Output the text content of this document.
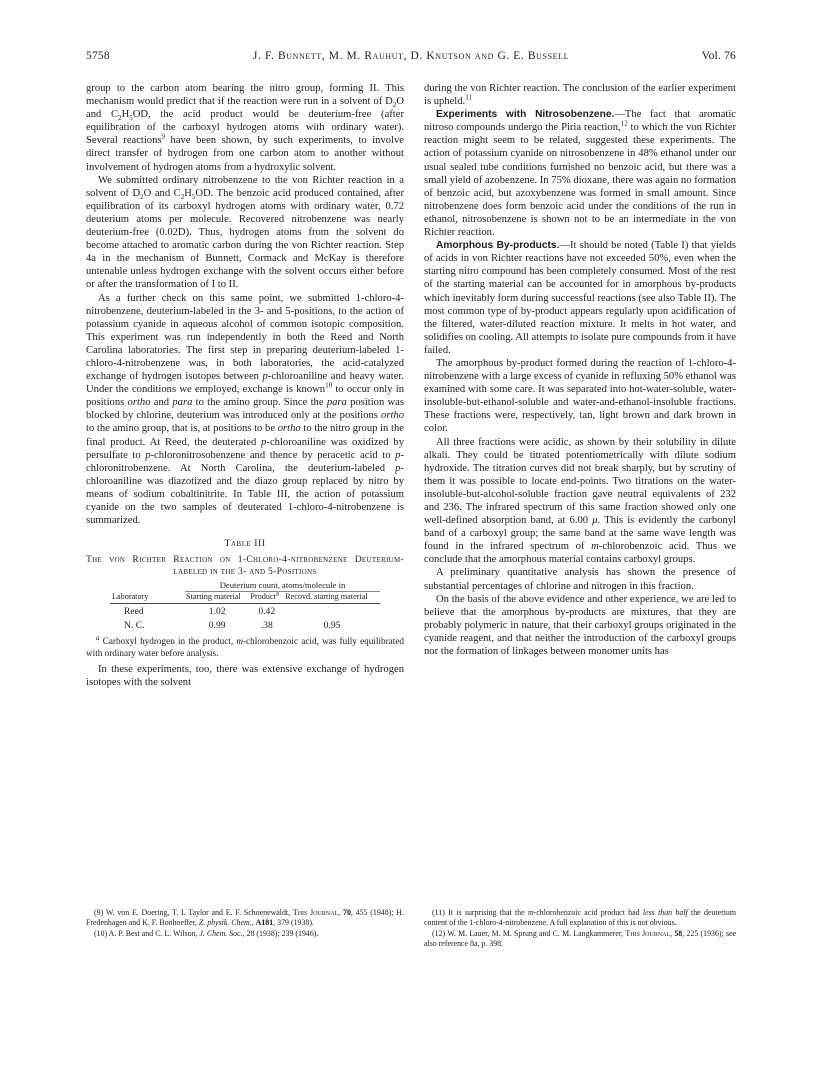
5758	J. F. Bunnett, M. M. Rauhut, D. Knutson and G. E. Bussell	Vol. 76

group to the carbon atom bearing the nitro group, forming II. This mechanism would predict that if the reaction were run in a solvent of $D_2O$ and $C_2H_5OD$, the acid product would be deuterium-free (after equilibration of the carboxyl hydrogen atoms with ordinary water). Several reactions$^9$ have been shown, by such experiments, to involve direct transfer of hydrogen from one carbon atom to another without involvement of hydrogen atoms from a hydroxylic solvent.

We submitted ordinary nitrobenzene to the von Richter reaction in a solvent of $D_2O$ and $C_2H_5OD$. The benzoic acid produced contained, after equilibration of its carboxyl hydrogen atoms with ordinary water, 0.72 deuterium atoms per molecule. Recovered nitrobenzene was nearly deuterium-free (0.02D). Thus, hydrogen atoms from the solvent do become attached to aromatic carbon during the von Richter reaction. Step 4a in the mechanism of Bunnett, Cormack and McKay is therefore untenable unless hydrogen exchange with the solvent occurs either before or after the transformation of I to II.

As a further check on this same point, we submitted 1-chloro-4-nitrobenzene, deuterium-labeled in the 3- and 5-positions, to the action of potassium cyanide in aqueous alcohol of common isotopic composition. This experiment was run independently in both the Reed and North Carolina laboratories. The first step in preparing deuterium-labeled 1-chloro-4-nitrobenzene was, in both laboratories, the acid-catalyzed exchange of hydrogen isotopes between p-chloroaniline and heavy water. Under the conditions we employed, exchange is known$^{10}$ to occur only in positions ortho and para to the amino group. Since the para position was blocked by chlorine, deuterium was introduced only at the positions ortho to the amino group, that is, at positions to be ortho to the nitro group in the final product. At Reed, the deuterated p-chloroaniline was oxidized by persulfate to p-chloronitrosobenzene and thence by peracetic acid to p-chloronitrobenzene. At North Carolina, the deuterium-labeled p-chloroaniline was diazotized and the diazo group replaced by nitro by means of sodium cobaltinitrite. In Table III, the action of potassium cyanide on the two samples of deuterated 1-chloro-4-nitrobenzene is summarized.

Table III
The von Richter Reaction on 1-Chloro-4-nitrobenzene Deuterium-labeled in the 3- and 5-Positions
	Deuterium count, atoms/molecule in		
Laboratory	Starting material	Product$^a$	Recovd. starting material
Reed	1.02	0.42	
N. C.	0.99	.38	0.95
$^a$ Carboxyl hydrogen in the product, m-chlorobenzoic acid, was fully equilibrated with ordinary water before analysis.

In these experiments, too, there was extensive exchange of hydrogen isotopes with the solvent

during the von Richter reaction. The conclusion of the earlier experiment is upheld.$^{11}$

Experiments with Nitrosobenzene.—The fact that aromatic nitroso compounds undergo the Piria reaction,$^{12}$ to which the von Richter reaction might seem to be related, suggested these experiments. The action of potassium cyanide on nitrosobenzene in 48% ethanol under our usual sealed tube conditions furnished no benzoic acid, but there was a small yield of azobenzene. In 75% dioxane, there was again no formation of benzoic acid, but azoxybenzene was formed in small amount. Since nitrobenzene does form benzoic acid under the conditions of the run in ethanol, nitrosobenzene is shown not to be an intermediate in the von Richter reaction.

Amorphous By-products.—It should be noted (Table I) that yields of acids in von Richter reactions have not exceeded 50%, even when the starting nitro compound has been completely consumed. Most of the rest of the starting material can be accounted for in amorphous by-products which inevitably form during successful reactions (see also Table II). The most common type of by-product appears regularly upon acidification of the filtered, water-diluted reaction mixture. It melts in hot water, and solidifies on cooling. All attempts to isolate pure compounds from it have failed.

The amorphous by-product formed during the reaction of 1-chloro-4-nitrobenzene with a large excess of cyanide in refluxing 50% ethanol was examined with some care. It was separated into hot-water-soluble, water-insoluble-but-ethanol-soluble and water-and-ethanol-insoluble fractions. These fractions were, respectively, tan, light brown and dark brown in color.

All three fractions were acidic, as shown by their solubility in dilute alkali. They could be titrated potentiometrically with dilute sodium hydroxide. The titration curves did not break sharply, but by scrutiny of them it was possible to locate end-points. Two titrations on the water-insoluble-but-alcohol-soluble fraction gave neutral equivalents of 232 and 236. The infrared spectrum of this same fraction showed only one well-defined absorption band, at 6.00 μ. This is evidently the carbonyl band of a carboxyl group; the same band at the same wave length was found in the infrared spectrum of m-chlorobenzoic acid. Thus we conclude that the amorphous material contains carboxyl groups.

A preliminary quantitative analysis has shown the presence of substantial percentages of chlorine and nitrogen in this fraction.

On the basis of the above evidence and other experience, we are led to believe that the amorphous by-products are mixtures, that they are probably polymeric in nature, that their carboxyl groups originated in the cyanide reagent, and that neither the introduction of the carboxyl groups nor the formation of linkages between monomer units has

(9) W. von E. Doering, T. I. Taylor and E. F. Schoenewaldt, This Journal, 70, 455 (1948); H. Fredenhagen and K. F. Bonhoeffer, Z. physik. Chem., A181, 379 (1938).

(10) A. P. Best and C. L. Wilson, J. Chem. Soc., 28 (1938); 239 (1946).

(11) It is surprising that the m-chlorobenzoic acid product had less than half the deuterium content of the 1-chloro-4-nitrobenzene. A full explanation of this is not obvious.

(12) W. M. Lauer, M. M. Sprung and C. M. Langkammerer, This Journal, 58, 225 (1936); see also reference 8a, p. 398.
